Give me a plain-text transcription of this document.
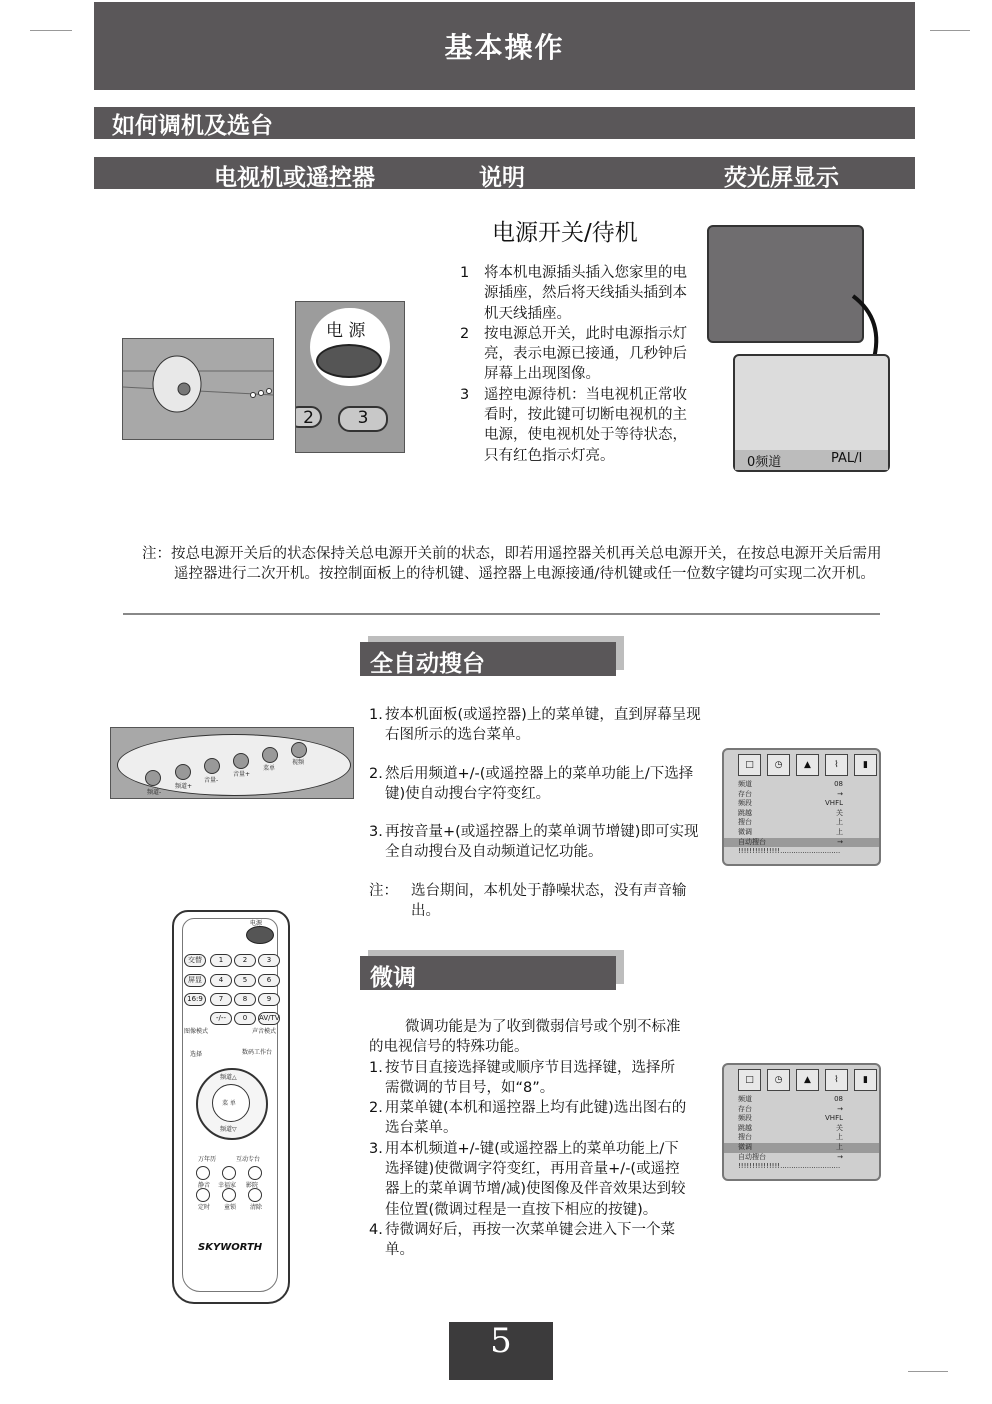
基本操作
如何调机及选台
电视机或遥控器	说明	荧光屏显示
电源开关/待机
电 源
2	3
1 将本机电源插头插入您家里的电源插座，然后将天线插头插到本机天线插座。
2 按电源总开关，此时电源指示灯亮，表示电源已接通，几秒钟后屏幕上出现图像。
3 遥控电源待机：当电视机正常收看时，按此键可切断电视机的主电源，使电视机处于等待状态，只有红色指示灯亮。	0频道	PAL/I
注：按总电源开关后的状态保持关总电源开关前的状态，即若用遥控器关机再关总电源开关，在按总电源开关后需用遥控器进行二次开机。按控制面板上的待机键、遥控器上电源接通/待机键或任一位数字键均可实现二次开机。
全自动搜台
1. 按本机面板(或遥控器)上的菜单键，直到屏幕呈现右图所示的选台菜单。
2. 然后用频道+/-(或遥控器上的菜单功能上/下选择键)使自动搜台字符变红。
3. 再按音量+(或遥控器上的菜单调节增键)即可实现全自动搜台及自动频道记忆功能。
注： 选台期间，本机处于静噪状态，没有声音输出。
频道-
频道+
音量-
音量+
菜单
视频	□	◷	▲	⌇	▮
频道	08
存台	→
频段	VHFL
跳越	关
搜台	上
微调	上
自动搜台	→
!!!!!!!!!!!!!!!...........................
微调
微调功能是为了收到微弱信号或个别不标准的电视信号的特殊功能。
1. 按节目直接选择键或顺序节目选择键，选择所需微调的节目号，如“8”。
2. 用菜单键(本机和遥控器上均有此键)选出图右的选台菜单。
3. 用本机频道+/-键(或遥控器上的菜单功能上/下选择键)使微调字符变红，再用音量+/-(或遥控器上的菜单调节增/减)使图像及伴音效果达到较佳位置(微调过程是一直按下相应的按键)。
4. 待微调好后，再按一次菜单键会进入下一个菜单。
□	◷	▲	⌇	▮
频道	08
存台	→
频段	VHFL
跳越	关
搜台	上
微调	上
自动搜台	→
!!!!!!!!!!!!!!!...........................
电源
交替	1	2	3
屏显	4	5	6
16:9	7	8	9
-/--	0	AV/TV
图像模式	声音模式
选择	数码工作台
菜 单
频道△
频道▽
万年历	互动专台
静音 幸福家 影院
定时 童锁 清除
SKYWORTH
5
